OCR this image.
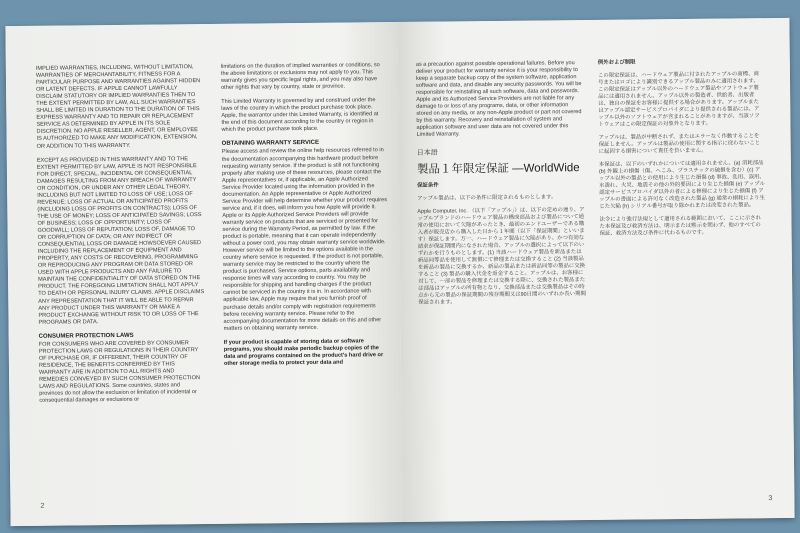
IMPLIED WARRANTIES, INCLUDING, WITHOUT LIMITATION, WARRANTIES OF MERCHANTABILITY, FITNESS FOR A PARTICULAR PURPOSE AND WARRANTIES AGAINST HIDDEN OR LATENT DEFECTS. IF APPLE CANNOT LAWFULLY DISCLAIM STATUTORY OR IMPLIED WARRANTIES THEN TO THE EXTENT PERMITTED BY LAW, ALL SUCH WARRANTIES SHALL BE LIMITED IN DURATION TO THE DURATION OF THIS EXPRESS WARRANTY AND TO REPAIR OR REPLACEMENT SERVICE AS DETERMINED BY APPLE IN ITS SOLE DISCRETION. NO APPLE RESELLER, AGENT, OR EMPLOYEE IS AUTHORIZED TO MAKE ANY MODIFICATION, EXTENSION, OR ADDITION TO THIS WARRANTY.

EXCEPT AS PROVIDED IN THIS WARRANTY AND TO THE EXTENT PERMITTED BY LAW, APPLE IS NOT RESPONSIBLE FOR DIRECT, SPECIAL, INCIDENTAL OR CONSEQUENTIAL DAMAGES RESULTING FROM ANY BREACH OF WARRANTY OR CONDITION, OR UNDER ANY OTHER LEGAL THEORY, INCLUDING BUT NOT LIMITED TO LOSS OF USE; LOSS OF REVENUE; LOSS OF ACTUAL OR ANTICIPATED PROFITS (INCLUDING LOSS OF PROFITS ON CONTRACTS); LOSS OF THE USE OF MONEY; LOSS OF ANTICIPATED SAVINGS; LOSS OF BUSINESS; LOSS OF OPPORTUNITY; LOSS OF GOODWILL; LOSS OF REPUTATION; LOSS OF, DAMAGE TO OR CORRUPTION OF DATA; OR ANY INDIRECT OR CONSEQUENTIAL LOSS OR DAMAGE HOWSOEVER CAUSED INCLUDING THE REPLACEMENT OF EQUIPMENT AND PROPERTY, ANY COSTS OF RECOVERING, PROGRAMMING OR REPRODUCING ANY PROGRAM OR DATA STORED OR USED WITH APPLE PRODUCTS AND ANY FAILURE TO MAINTAIN THE CONFIDENTIALITY OF DATA STORED ON THE PRODUCT. THE FOREGOING LIMITATION SHALL NOT APPLY TO DEATH OR PERSONAL INJURY CLAIMS. APPLE DISCLAIMS ANY REPRESENTATION THAT IT WILL BE ABLE TO REPAIR ANY PRODUCT UNDER THIS WARRANTY OR MAKE A PRODUCT EXCHANGE WITHOUT RISK TO OR LOSS OF THE PROGRAMS OR DATA.

CONSUMER PROTECTION LAWS

FOR CONSUMERS WHO ARE COVERED BY CONSUMER PROTECTION LAWS OR REGULATIONS IN THEIR COUNTRY OF PURCHASE OR, IF DIFFERENT, THEIR COUNTRY OF RESIDENCE, THE BENEFITS CONFERRED BY THIS WARRANTY ARE IN ADDITION TO ALL RIGHTS AND REMEDIES CONVEYED BY SUCH CONSUMER PROTECTION LAWS AND REGULATIONS. Some countries, states and provinces do not allow the exclusion or limitation of incidental or consequential damages or exclusions or

limitations on the duration of implied warranties or conditions, so the above limitations or exclusions may not apply to you. This warranty gives you specific legal rights, and you may also have other rights that vary by country, state or province.

This Limited Warranty is governed by and construed under the laws of the country in which the product purchase took place. Apple, the warrantor under this Limited Warranty, is identified at the end of this document according to the country or region in which the product purchase took place.

OBTAINING WARRANTY SERVICE

Please access and review the online help resources referred to in the documentation accompanying this hardware product before requesting warranty service. If the product is still not functioning properly after making use of these resources, please contact the Apple representatives or, if applicable, an Apple Authorized Service Provider located using the information provided in the documentation. An Apple representative or Apple Authorized Service Provider will help determine whether your product requires service and, if it does, will inform you how Apple will provide it. Apple or its Apple Authorized Service Providers will provide warranty service on products that are serviced or presented for service during the Warranty Period, as permitted by law. If the product is portable, meaning that it can operate independently without a power cord, you may obtain warranty service worldwide. However service will be limited to the options available in the country where service is requested. If the product is not portable, warranty service may be restricted to the country where the product is purchased. Service options, parts availability and response times will vary according to country. You may be responsible for shipping and handling charges if the product cannot be serviced in the country it is in. In accordance with applicable law, Apple may require that you furnish proof of purchase details and/or comply with registration requirements before receiving warranty service. Please refer to the accompanying documentation for more details on this and other matters on obtaining warranty service.

If your product is capable of storing data or software programs, you should make periodic backup copies of the data and programs contained on the product’s hard drive or other storage media to protect your data and

2

as a precaution against possible operational failures. Before you deliver your product for warranty service it is your responsibility to keep a separate backup copy of the system software, application software and data, and disable any security passwords. You will be responsible for reinstalling all such software, data and passwords. Apple and its Authorized Service Providers are not liable for any damage to or loss of any programs, data, or other information stored on any media, or any non-Apple product or part not covered by this warranty. Recovery and reinstallation of system and application software and user data are not covered under this Limited Warranty.

日本語

製品１年限定保証 —WorldWide

保証条件

アップル製品は、以下の条件に限定されるものとします。

Apple Computer, Inc. （以下「アップル」）は、以下の定めの通り、アップルブランドのハードウェア製品の構成部品および製品について通常の使用において欠陥があったとき、最初のエンドユーザーである購入者が販売店から購入した日から１年間（以下「保証期間」といいます）保証します。万一、ハードウェア製品に欠陥があり、かつ有効な請求が保証期間内になされた場合、アップルの選択によって以下のいずれかを行うものとします。(1) 当該ハードウェア製品を新品または新品同等品を使用して無償にて修理または交換すること (2) 当該製品を新品の製品に交換するか、新品の製品または新品同等の製品に交換すること (3) 製品の購入代金を返金すること。アップルは、お客様に対して、一部の製品を修理または交換する際に、交換された製品または部品はアップルの所有物となり、交換部品または交換製品はその時点から元の製品の保証期間の残存期間又は90日間のいずれか長い期間保証されます。

例外および制限

この限定保証は、ハードウェア製品に付されたアップルの商標、商号またはロゴにより識別できるアップル製品のみに適用されます。この限定保証はアップル以外のハードウェア製品やソフトウェア製品には適用されません。アップル以外の製造者、供給者、出版者は、独自の保証をお客様に提供する場合があります。アップルまたはアップル認定サービスプロバイダにより提供される製品には、アップル以外のソフトウェアが含まれることがありますが、当該ソフトウェアはこの限定保証の対象外となります。

アップルは、製品が中断されず、またはエラーなく作動することを保証しません。アップルは製品の使用に関する指示に従わないことに起因する損害について責任を負いません。

本保証は、以下のいずれかについては適用されません。(a) 消耗部品 (b) 外観上の損傷（傷、へこみ、プラスチックの破損を含む）(c) アップル以外の製品との使用により生じた損傷 (d) 事故、乱用、誤用、水濡れ、火災、地震その他の外的要因により生じた損傷 (e) アップル認定サービスプロバイダ以外の者による修理により生じた損傷 (f) アップルの書面による許可なく改造された製品 (g) 通常の損耗により生じた欠陥 (h) シリアル番号が取り除かれまたは改変された製品。

法令により強行法規として適用される範囲において、ここに示された本保証及び救済方法は、明示または黙示を問わず、他のすべての保証、救済方法及び条件に代わるものです。

3
